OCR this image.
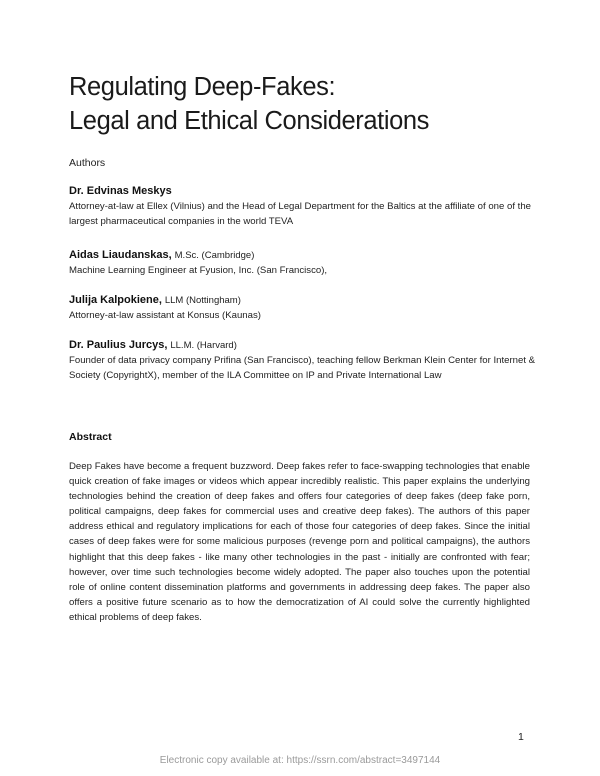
Regulating Deep-Fakes:
Legal and Ethical Considerations
Authors
Dr. Edvinas Meskys
Attorney-at-law at Ellex (Vilnius) and the Head of Legal Department for the Baltics at the affiliate of one of the largest pharmaceutical companies in the world TEVA
Aidas Liaudanskas, M.Sc. (Cambridge)
Machine Learning Engineer at Fyusion, Inc. (San Francisco),
Julija Kalpokiene, LLM (Nottingham)
Attorney-at-law assistant at Konsus (Kaunas)
Dr. Paulius Jurcys, LL.M. (Harvard)
Founder of data privacy company Prifina (San Francisco), teaching fellow Berkman Klein Center for Internet & Society (CopyrightX), member of the ILA Committee on IP and Private International Law
Abstract

Deep Fakes have become a frequent buzzword. Deep fakes refer to face-swapping technologies that enable quick creation of fake images or videos which appear incredibly realistic. This paper explains the underlying technologies behind the creation of deep fakes and offers four categories of deep fakes (deep fake porn, political campaigns, deep fakes for commercial uses and creative deep fakes). The authors of this paper address ethical and regulatory implications for each of those four categories of deep fakes. Since the initial cases of deep fakes were for some malicious purposes (revenge porn and political campaigns), the authors highlight that this deep fakes - like many other technologies in the past - initially are confronted with fear; however, over time such technologies become widely adopted. The paper also touches upon the potential role of online content dissemination platforms and governments in addressing deep fakes. The paper also offers a positive future scenario as to how the democratization of AI could solve the currently highlighted ethical problems of deep fakes.

1
Electronic copy available at: https://ssrn.com/abstract=3497144
